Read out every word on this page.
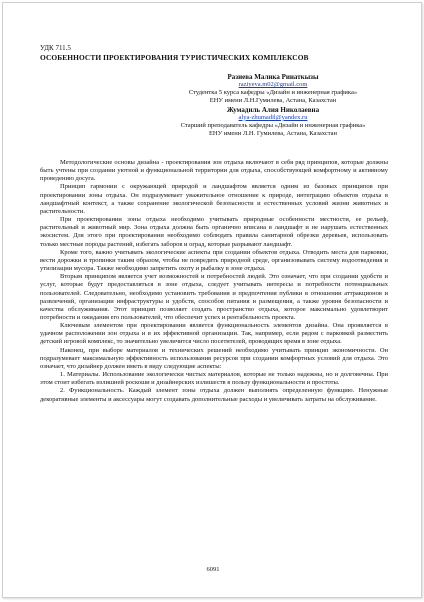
УДК 711.5
ОСОБЕННОСТИ ПРОЕКТИРОВАНИЯ ТУРИСТИЧЕСКИХ КОМПЛЕКСОВ
Разиева Малика Ринаткызы
raziyeva.m02@gmail.com
Студентка 5 курса кафедры «Дизайн и инженерная графика»
ЕНУ имени Л.Н.Гумилева, Астана, Казахстан
Жумадиль Алия Николаевна
alya-zhumadil@yandex.ru
Старший преподаватель кафедры «Дизайн и инженерная графика»
ЕНУ имени Л.Н. Гумилева, Астана, Казахстан

Методологические основы дизайна - проектирования зон отдыха включают в себя ряд принципов, которые должны быть учтены при создании уютной и функциональной территории для отдыха, способствующей комфортному и активному проведению досуга.

Принцип гармонии с окружающей природой и ландшафтом является одним из базовых принципов при проектировании зоны отдыха. Он подразумевает уважительное отношение к природе, интеграцию объектов отдыха в ландшафтный контекст, а также сохранение экологической безопасности и естественных условий жизни животных и растительности.

При проектировании зоны отдыха необходимо учитывать природные особенности местности, ее рельеф, растительный и животный мир. Зона отдыха должна быть органично вписана в ландшафт и не нарушать естественных экосистем. Для этого при проектировании необходимо соблюдать правила санитарной обрезки деревьев, использовать только местные породы растений, избегать заборов и оград, которые разрывают ландшафт.

Кроме того, важно учитывать экологические аспекты при создании объектов отдыха. Отводить места для парковки, вести дорожки и тропинки таким образом, чтобы не повредить природной среде, организовывать систему водоотведения и утилизации мусора. Также необходимо запретить охоту и рыбалку в зоне отдыха.

Вторым принципом является учет возможностей и потребностей людей. Это означает, что при создании удобств и услуг, которые будут предоставляться в зоне отдыха, следует учитывать интересы и потребности потенциальных пользователей. Следовательно, необходимо установить требования и предпочтения публики в отношении аттракционов и развлечений, организации инфраструктуры и удобств, способов питания и размещения, а также уровня безопасности и качества обслуживания. Этот принцип позволяет создать пространство отдыха, которое максимально удовлетворит потребности и ожидания его пользователей, что обеспечит успех и рентабельность проекта.

Ключевым элементом при проектировании является функциональность элементов дизайна. Она проявляется в удачном расположении зон отдыха и в их эффективной организации. Так, например, если рядом с парковкой разместить детский игровой комплекс, то значительно увеличится число посетителей, проводящих время в зоне отдыха.

Наконец, при выборе материалов и технических решений необходимо учитывать принцип экономичности. Он подразумевает максимальную эффективность использования ресурсов при создании комфортных условий для отдыха. Это означает, что дизайнер должен иметь в виду следующие аспекты:

1. Материалы. Использование экологически чистых материалов, которые не только надежны, но и долговечны. При этом стоит избегать излишней роскоши и дизайнерских излишеств в пользу функциональности и простоты.

2. Функциональность. Каждый элемент зоны отдыха должен выполнять определенную функцию. Ненужные декоративные элементы и аксессуары могут создавать дополнительные расходы и увеличивать затраты на обслуживание.

6091
